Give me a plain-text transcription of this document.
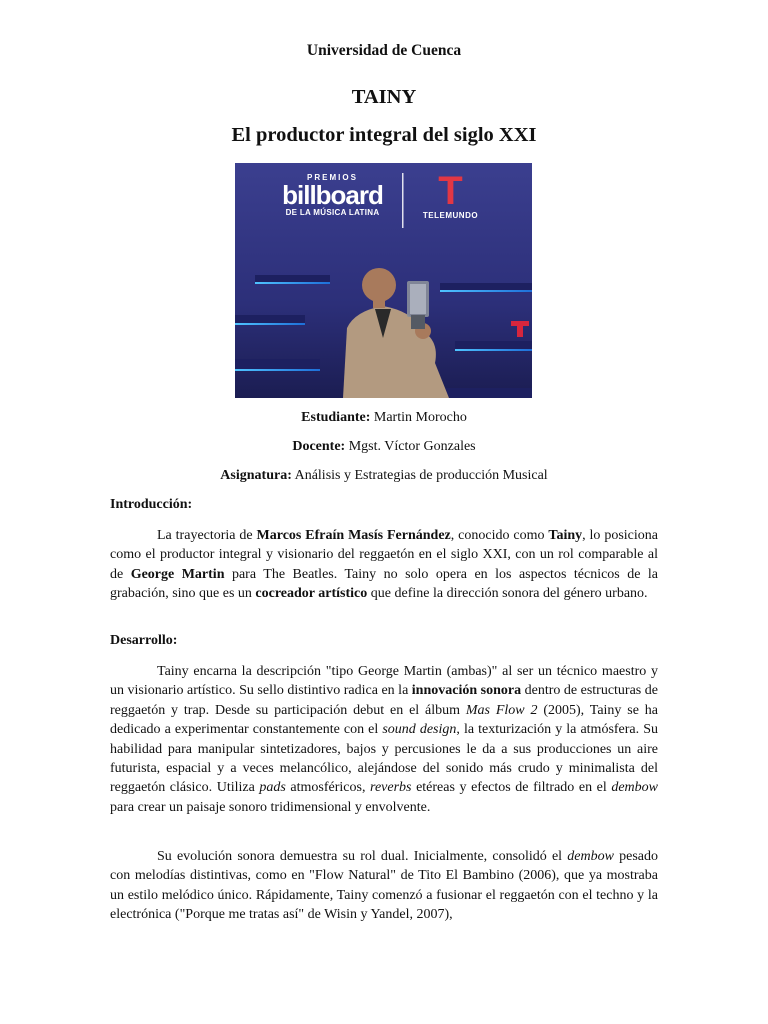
Universidad de Cuenca
TAINY
El productor integral del siglo XXI
PREMIOS
billboard
DE LA MÚSICA LATINA	T
TELEMUNDO
Estudiante: Martin Morocho
Docente: Mgst. Víctor Gonzales
Asignatura: Análisis y Estrategias de producción Musical
Introducción:
La trayectoria de Marcos Efraín Masís Fernández, conocido como Tainy, lo posiciona como el productor integral y visionario del reggaetón en el siglo XXI, con un rol comparable al de George Martin para The Beatles. Tainy no solo opera en los aspectos técnicos de la grabación, sino que es un cocreador artístico que define la dirección sonora del género urbano.
Desarrollo:
Tainy encarna la descripción "tipo George Martin (ambas)" al ser un técnico maestro y un visionario artístico. Su sello distintivo radica en la innovación sonora dentro de estructuras de reggaetón y trap. Desde su participación debut en el álbum Mas Flow 2 (2005), Tainy se ha dedicado a experimentar constantemente con el sound design, la texturización y la atmósfera. Su habilidad para manipular sintetizadores, bajos y percusiones le da a sus producciones un aire futurista, espacial y a veces melancólico, alejándose del sonido más crudo y minimalista del reggaetón clásico. Utiliza pads atmosféricos, reverbs etéreas y efectos de filtrado en el dembow para crear un paisaje sonoro tridimensional y envolvente.
Su evolución sonora demuestra su rol dual. Inicialmente, consolidó el dembow pesado con melodías distintivas, como en "Flow Natural" de Tito El Bambino (2006), que ya mostraba un estilo melódico único. Rápidamente, Tainy comenzó a fusionar el reggaetón con el techno y la electrónica ("Porque me tratas así" de Wisin y Yandel, 2007),
